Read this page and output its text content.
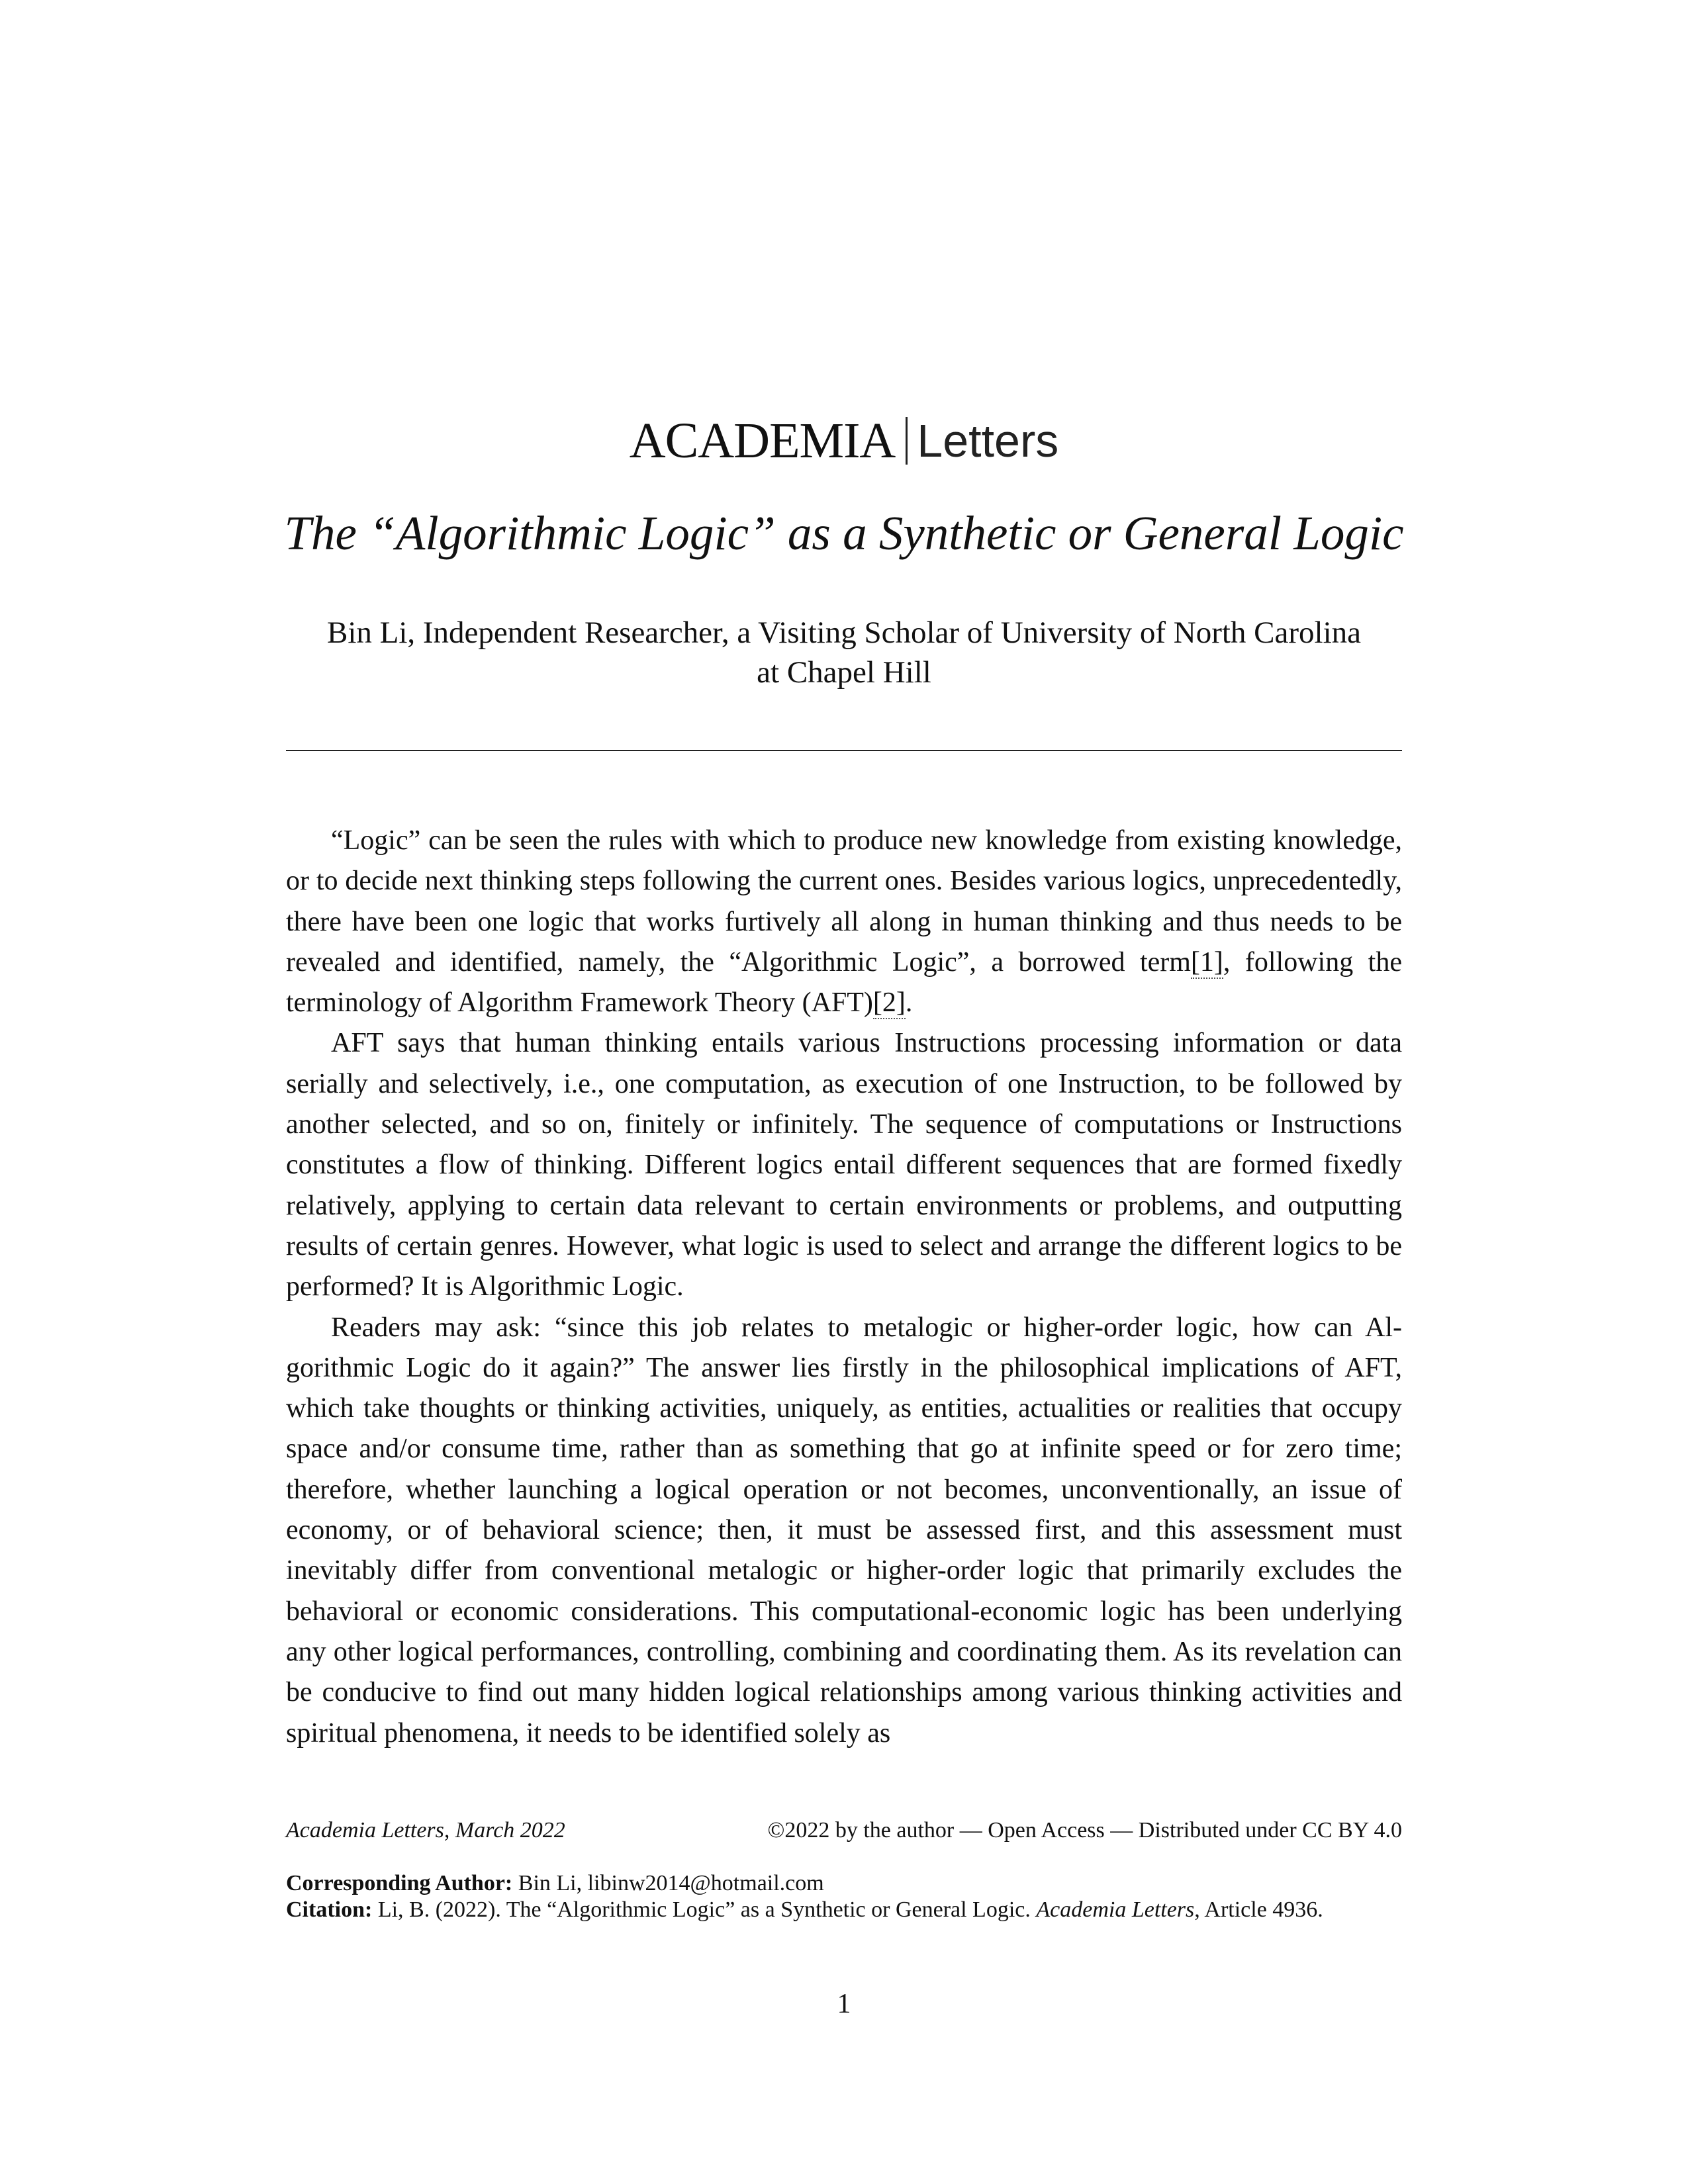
ACADEMIA Letters
The “Algorithmic Logic” as a Synthetic or General Logic
Bin Li, Independent Researcher, a Visiting Scholar of University of North Carolina
at Chapel Hill

“Logic” can be seen the rules with which to produce new knowledge from existing knowledge, or to decide next thinking steps following the current ones. Besides various logics, unprecedentedly, there have been one logic that works furtively all along in human thinking and thus needs to be revealed and identified, namely, the “Algorithmic Logic”, a borrowed term[1], following the terminology of Algorithm Framework Theory (AFT)[2].

AFT says that human thinking entails various Instructions processing information or data serially and selectively, i.e., one computation, as execution of one Instruction, to be followed by another selected, and so on, finitely or infinitely. The sequence of computations or Instructions constitutes a flow of thinking. Different logics entail different sequences that are formed fixedly relatively, applying to certain data relevant to certain environments or problems, and outputting results of certain genres. However, what logic is used to select and arrange the different logics to be performed? It is Algorithmic Logic.

Readers may ask: “since this job relates to metalogic or higher-order logic, how can Algorithmic Logic do it again?” The answer lies firstly in the philosophical implications of AFT, which take thoughts or thinking activities, uniquely, as entities, actualities or realities that occupy space and/or consume time, rather than as something that go at infinite speed or for zero time; therefore, whether launching a logical operation or not becomes, unconventionally, an issue of economy, or of behavioral science; then, it must be assessed first, and this assessment must inevitably differ from conventional metalogic or higher-order logic that primarily excludes the behavioral or economic considerations. This computational-economic logic has been underlying any other logical performances, controlling, combining and coordinating them. As its revelation can be conducive to find out many hidden logical relationships among various thinking activities and spiritual phenomena, it needs to be identified solely as

Academia Letters, March 2022	©2022 by the author — Open Access — Distributed under CC BY 4.0
Corresponding Author: Bin Li, libinw2014@hotmail.com
Citation: Li, B. (2022). The “Algorithmic Logic” as a Synthetic or General Logic. Academia Letters, Article 4936.
1
